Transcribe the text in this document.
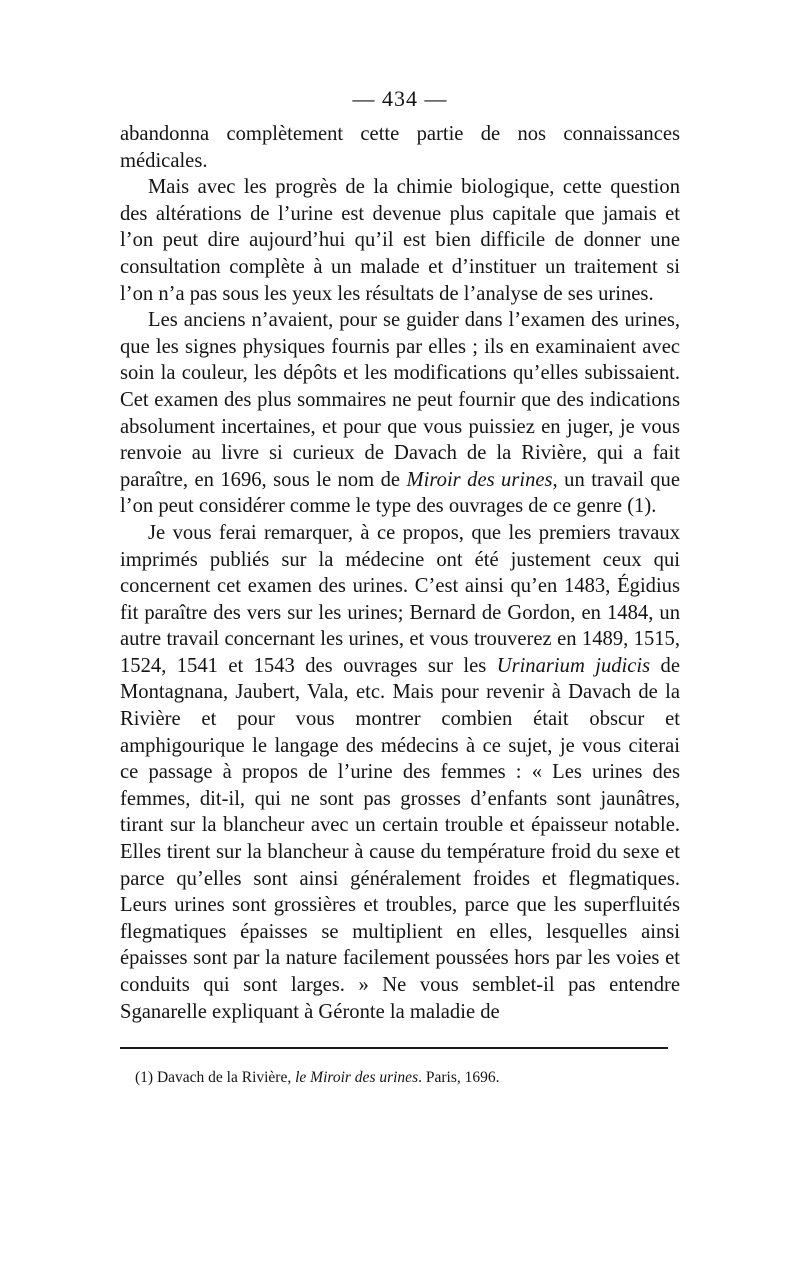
— 434 —

abandonna complètement cette partie de nos connaissances médicales.

Mais avec les progrès de la chimie biologique, cette question des altérations de l’urine est devenue plus capitale que jamais et l’on peut dire aujourd’hui qu’il est bien difficile de donner une consultation complète à un malade et d’instituer un traitement si l’on n’a pas sous les yeux les résultats de l’analyse de ses urines.

Les anciens n’avaient, pour se guider dans l’examen des urines, que les signes physiques fournis par elles ; ils en examinaient avec soin la couleur, les dépôts et les modifications qu’elles subissaient. Cet examen des plus sommaires ne peut fournir que des indications absolument incertaines, et pour que vous puissiez en juger, je vous renvoie au livre si curieux de Davach de la Rivière, qui a fait paraître, en 1696, sous le nom de Miroir des urines, un travail que l’on peut considérer comme le type des ouvrages de ce genre (1).

Je vous ferai remarquer, à ce propos, que les premiers travaux imprimés publiés sur la médecine ont été justement ceux qui concernent cet examen des urines. C’est ainsi qu’en 1483, Égidius fit paraître des vers sur les urines; Bernard de Gordon, en 1484, un autre travail concernant les urines, et vous trouverez en 1489, 1515, 1524, 1541 et 1543 des ouvrages sur les Urinarium judicis de Montagnana, Jaubert, Vala, etc. Mais pour revenir à Davach de la Rivière et pour vous montrer combien était obscur et amphigourique le langage des médecins à ce sujet, je vous citerai ce passage à propos de l’urine des femmes : « Les urines des femmes, dit-il, qui ne sont pas grosses d’enfants sont jaunâtres, tirant sur la blancheur avec un certain trouble et épaisseur notable. Elles tirent sur la blancheur à cause du température froid du sexe et parce qu’elles sont ainsi généralement froides et flegmatiques. Leurs urines sont grossières et troubles, parce que les superfluités flegmatiques épaisses se multiplient en elles, lesquelles ainsi épaisses sont par la nature facilement poussées hors par les voies et conduits qui sont larges. » Ne vous semblet-il pas entendre Sganarelle expliquant à Géronte la maladie de

(1) Davach de la Rivière, le Miroir des urines. Paris, 1696.
